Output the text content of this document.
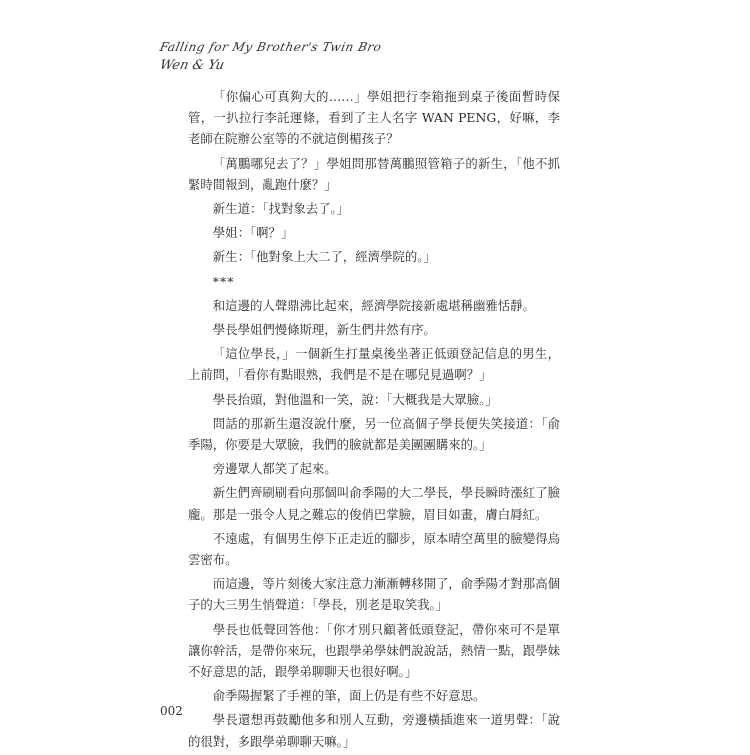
Falling for My Brother's Twin Bro
Wen & Yu

「你偏心可真夠大的……」學姐把行李箱拖到桌子後面暫時保管，一扒拉行李託運條，看到了主人名字 WAN PENG，好嘛，李老師在院辦公室等的不就這倒楣孩子？

「萬鵬哪兒去了？」學姐問那替萬鵬照管箱子的新生，「他不抓緊時間報到，亂跑什麼？」

新生道：「找對象去了。」

學姐：「啊？」

新生：「他對象上大二了，經濟學院的。」

***

和這邊的人聲鼎沸比起來，經濟學院接新處堪稱幽雅恬靜。

學長學姐們慢條斯理，新生們井然有序。

「這位學長，」一個新生打量桌後坐著正低頭登記信息的男生，上前問，「看你有點眼熟，我們是不是在哪兒見過啊？」

學長抬頭，對他溫和一笑，說：「大概我是大眾臉。」

問話的那新生還沒說什麼，另一位高個子學長便失笑接道：「俞季陽，你要是大眾臉，我們的臉就都是美團團購來的。」

旁邊眾人都笑了起來。

新生們齊刷刷看向那個叫俞季陽的大二學長，學長瞬時漲紅了臉龐。那是一張令人見之難忘的俊俏巴掌臉，眉目如畫，膚白脣紅。

不遠處，有個男生停下正走近的腳步，原本晴空萬里的臉變得烏雲密布。

而這邊，等片刻後大家注意力漸漸轉移開了，俞季陽才對那高個子的大三男生悄聲道：「學長，別老是取笑我。」

學長也低聲回答他：「你才別只顧著低頭登記，帶你來可不是單讓你幹活，是帶你來玩，也跟學弟學妹們說說話，熱情一點，跟學妹不好意思的話，跟學弟聊聊天也很好啊。」

俞季陽握緊了手裡的筆，面上仍是有些不好意思。

學長還想再鼓勵他多和別人互動，旁邊橫插進來一道男聲：「說的很對，多跟學弟聊聊天嘛。」

002
